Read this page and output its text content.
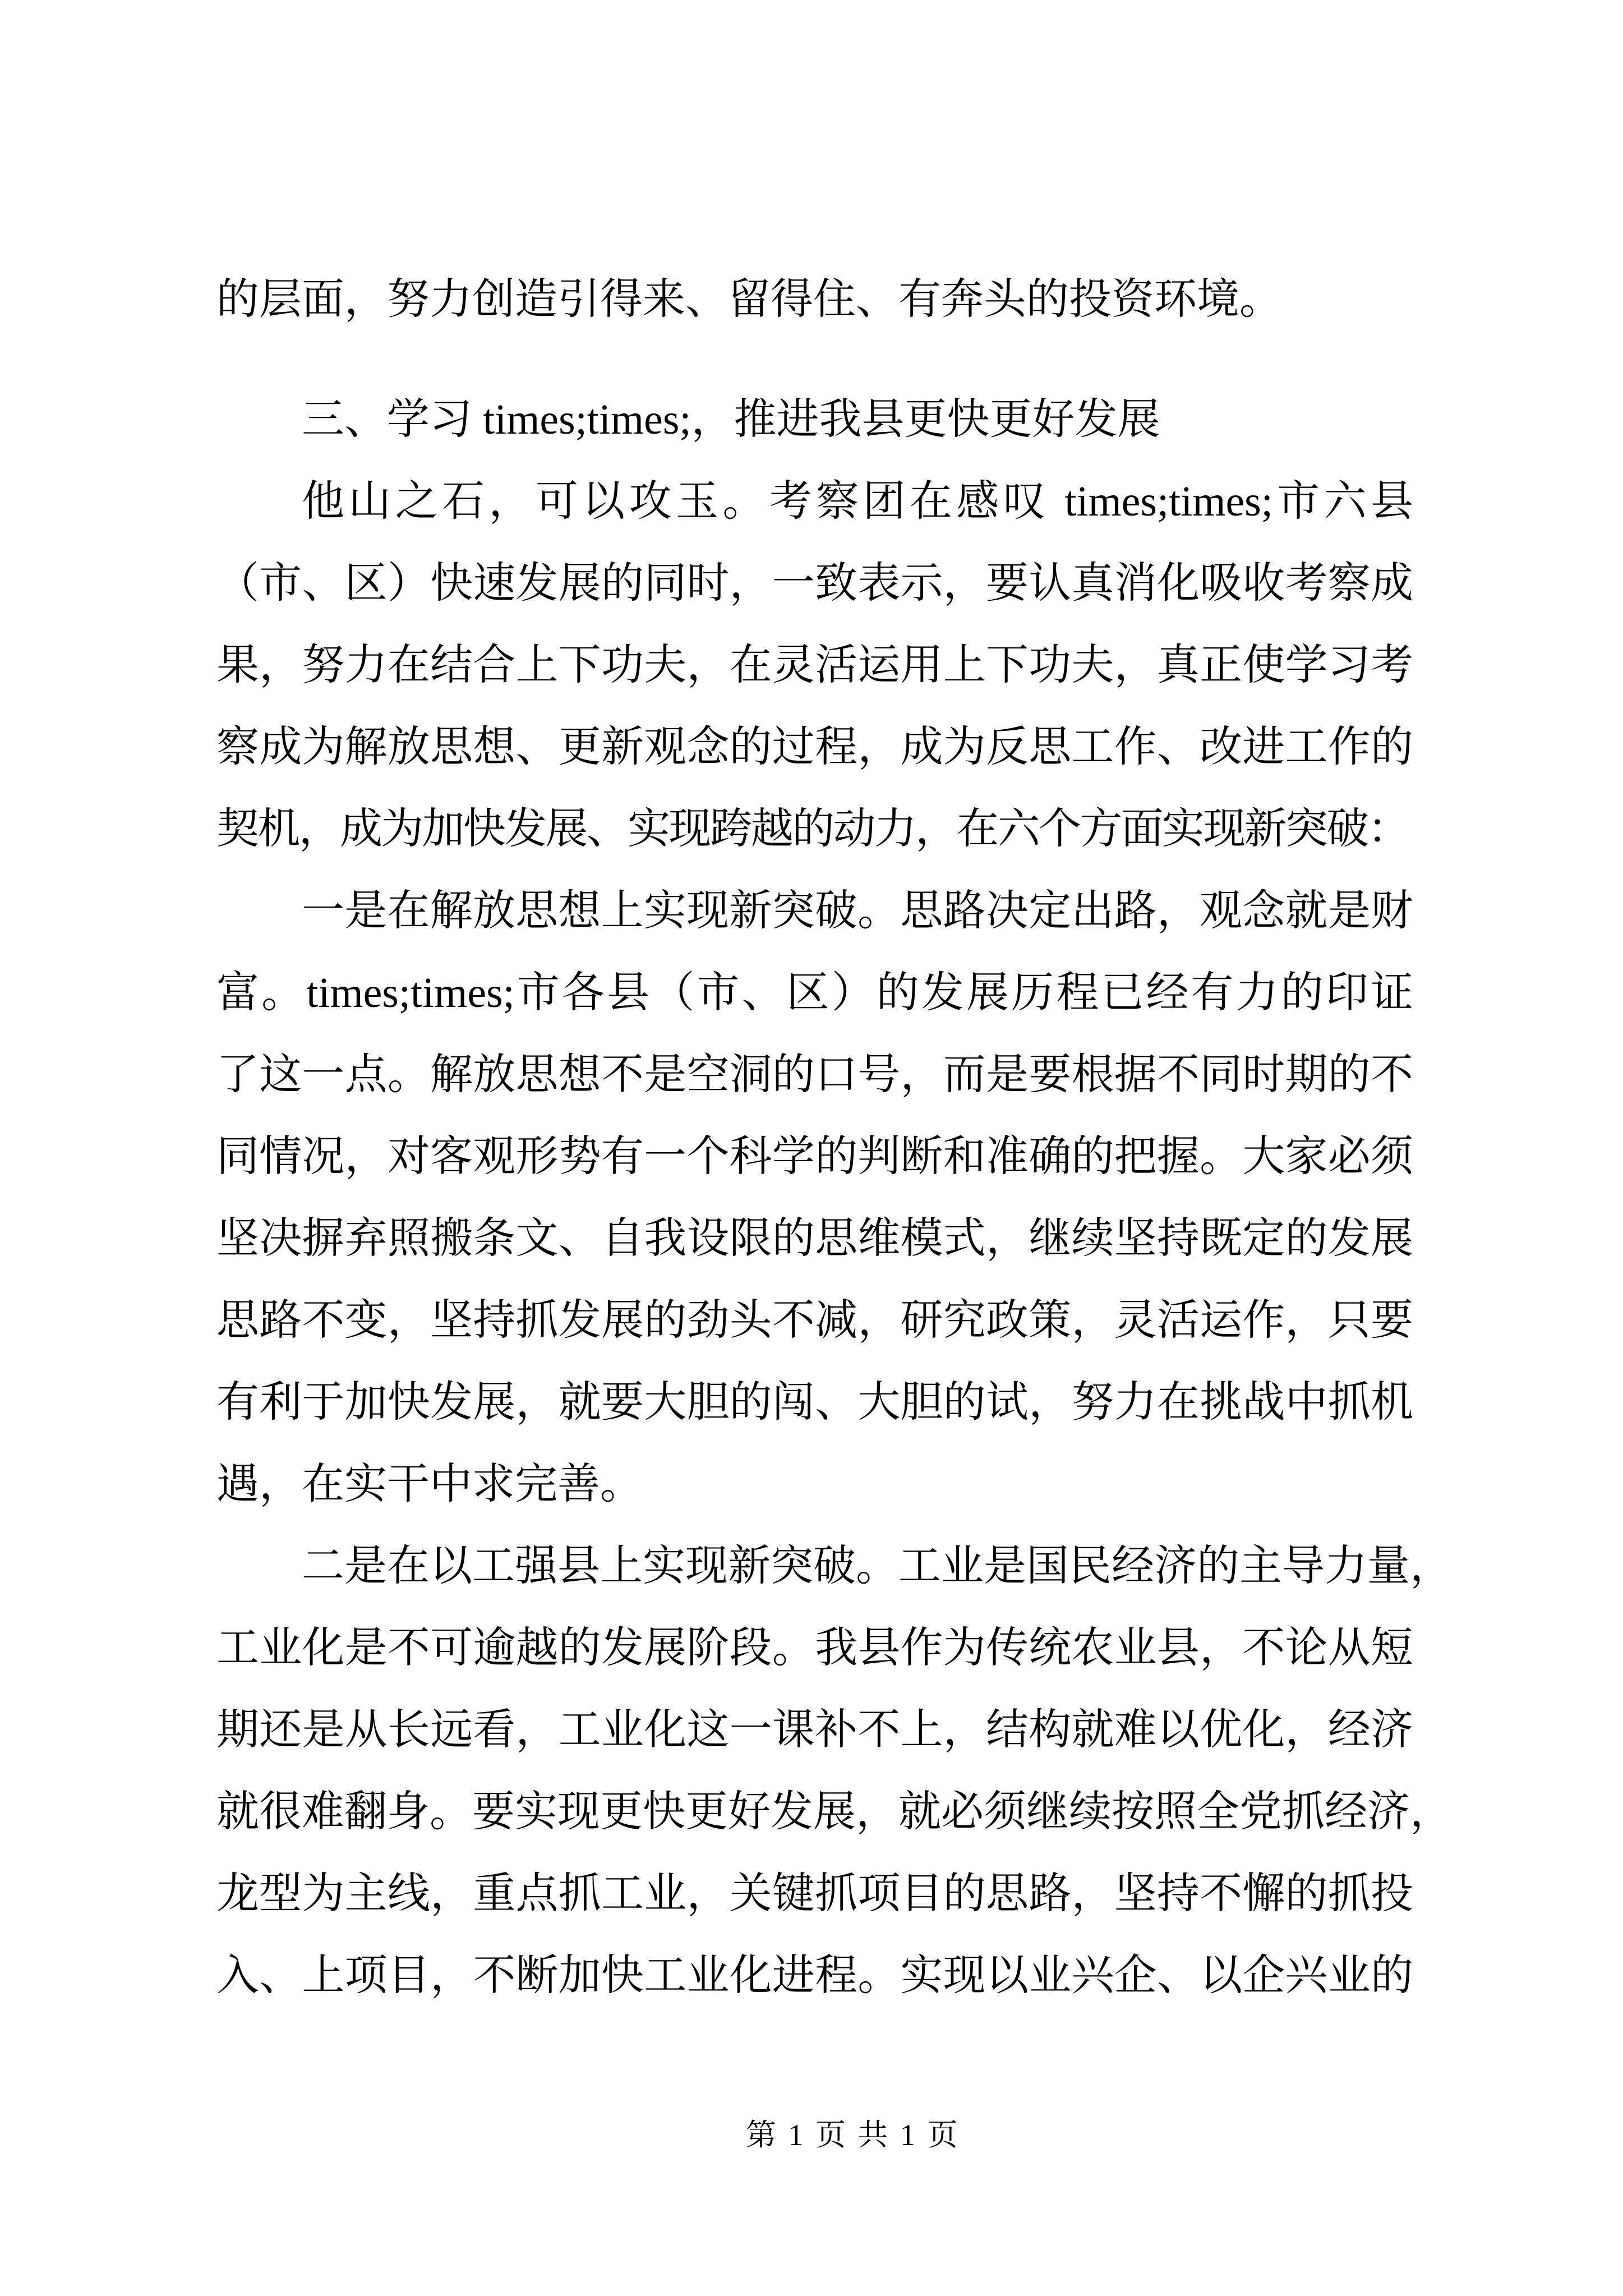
的层面，努力创造引得来、留得住、有奔头的投资环境。
三、学习 times;times;，推进我县更快更好发展
他山之石，可以攻玉。考察团在感叹 times;times;市六县
（市、区）快速发展的同时，一致表示，要认真消化吸收考察成
果，努力在结合上下功夫，在灵活运用上下功夫，真正使学习考
察成为解放思想、更新观念的过程，成为反思工作、改进工作的
契机，成为加快发展、实现跨越的动力，在六个方面实现新突破：
一是在解放思想上实现新突破。思路决定出路，观念就是财
富。times;times;市各县（市、区）的发展历程已经有力的印证
了这一点。解放思想不是空洞的口号，而是要根据不同时期的不
同情况，对客观形势有一个科学的判断和准确的把握。大家必须
坚决摒弃照搬条文、自我设限的思维模式，继续坚持既定的发展
思路不变，坚持抓发展的劲头不减，研究政策，灵活运作，只要
有利于加快发展，就要大胆的闯、大胆的试，努力在挑战中抓机
遇，在实干中求完善。
二是在以工强县上实现新突破。工业是国民经济的主导力量，
工业化是不可逾越的发展阶段。我县作为传统农业县，不论从短
期还是从长远看，工业化这一课补不上，结构就难以优化，经济
就很难翻身。要实现更快更好发展，就必须继续按照全党抓经济，
龙型为主线，重点抓工业，关键抓项目的思路，坚持不懈的抓投
入、上项目，不断加快工业化进程。实现以业兴企、以企兴业的
第 1 页 共 1 页
